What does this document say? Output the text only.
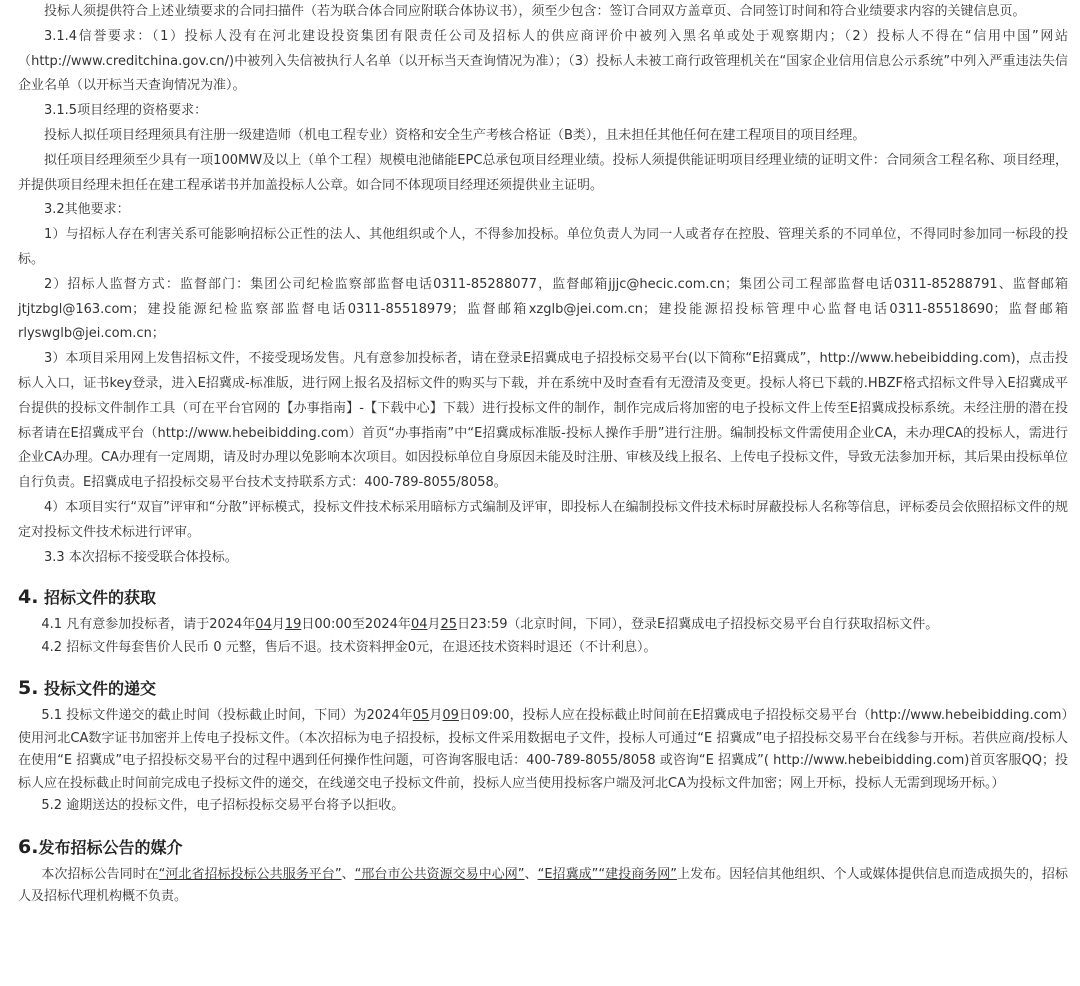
投标人须提供符合上述业绩要求的合同扫描件（若为联合体合同应附联合体协议书），须至少包含：签订合同双方盖章页、合同签订时间和符合业绩要求内容的关键信息页。

3.1.4信誉要求：（1）投标人没有在河北建设投资集团有限责任公司及招标人的供应商评价中被列入黑名单或处于观察期内；（2）投标人不得在“信用中国”网站（http://www.creditchina.gov.cn/)中被列入失信被执行人名单（以开标当天查询情况为准）；（3）投标人未被工商行政管理机关在“国家企业信用信息公示系统”中列入严重违法失信企业名单（以开标当天查询情况为准）。

3.1.5项目经理的资格要求：

投标人拟任项目经理须具有注册一级建造师（机电工程专业）资格和安全生产考核合格证（B类），且未担任其他任何在建工程项目的项目经理。

拟任项目经理须至少具有一项100MW及以上（单个工程）规模电池储能EPC总承包项目经理业绩。投标人须提供能证明项目经理业绩的证明文件：合同须含工程名称、项目经理，并提供项目经理未担任在建工程承诺书并加盖投标人公章。如合同不体现项目经理还须提供业主证明。

3.2其他要求：

1）与招标人存在利害关系可能影响招标公正性的法人、其他组织或个人，不得参加投标。单位负责人为同一人或者存在控股、管理关系的不同单位，不得同时参加同一标段的投标。

2）招标人监督方式：监督部门：集团公司纪检监察部监督电话0311-85288077，监督邮箱jjjc@hecic.com.cn；集团公司工程部监督电话0311-85288791、监督邮箱jtjtzbgl@163.com；建投能源纪检监察部监督电话0311-85518979；监督邮箱xzglb@jei.com.cn；建投能源招投标管理中心监督电话0311-85518690；监督邮箱rlyswglb@jei.com.cn；

3）本项目采用网上发售招标文件，不接受现场发售。凡有意参加投标者，请在登录E招冀成电子招投标交易平台(以下简称“E招冀成”，http://www.hebeibidding.com)，点击投标人入口，证书key登录，进入E招冀成-标准版，进行网上报名及招标文件的购买与下载，并在系统中及时查看有无澄清及变更。投标人将已下载的.HBZF格式招标文件导入E招冀成平台提供的投标文件制作工具（可在平台官网的【办事指南】-【下载中心】下载）进行投标文件的制作，制作完成后将加密的电子投标文件上传至E招冀成投标系统。未经注册的潜在投标者请在E招冀成平台（http://www.hebeibidding.com）首页“办事指南”中“E招冀成标准版-投标人操作手册”进行注册。编制投标文件需使用企业CA，未办理CA的投标人，需进行企业CA办理。CA办理有一定周期，请及时办理以免影响本次项目。如因投标单位自身原因未能及时注册、审核及线上报名、上传电子投标文件，导致无法参加开标，其后果由投标单位自行负责。E招冀成电子招投标交易平台技术支持联系方式：400-789-8055/8058。

4）本项目实行“双盲”评审和“分散”评标模式，投标文件技术标采用暗标方式编制及评审，即投标人在编制投标文件技术标时屏蔽投标人名称等信息，评标委员会依照招标文件的规定对投标文件技术标进行评审。

3.3 本次招标不接受联合体投标。

4. 招标文件的获取

4.1 凡有意参加投标者，请于2024年04月19日00:00至2024年04月25日23:59（北京时间，下同），登录E招冀成电子招投标交易平台自行获取招标文件。

4.2 招标文件每套售价人民币 0 元整，售后不退。技术资料押金0元，在退还技术资料时退还（不计利息）。

5. 投标文件的递交

5.1 投标文件递交的截止时间（投标截止时间，下同）为2024年05月09日09:00，投标人应在投标截止时间前在E招冀成电子招投标交易平台（http://www.hebeibidding.com）使用河北CA数字证书加密并上传电子投标文件。（本次招标为电子招投标，投标文件采用数据电子文件，投标人可通过“E 招冀成”电子招投标交易平台在线参与开标。若供应商/投标人在使用“E 招冀成”电子招投标交易平台的过程中遇到任何操作性问题，可咨询客服电话：400-789-8055/8058 或咨询“E 招冀成”( http://www.hebeibidding.com)首页客服QQ；投标人应在投标截止时间前完成电子投标文件的递交，在线递交电子投标文件前，投标人应当使用投标客户端及河北CA为投标文件加密；网上开标，投标人无需到现场开标。）

5.2 逾期送达的投标文件，电子招标投标交易平台将予以拒收。

6.发布招标公告的媒介

本次招标公告同时在“河北省招标投标公共服务平台”、“邢台市公共资源交易中心网”、“E招冀成”“建投商务网”上发布。因轻信其他组织、个人或媒体提供信息而造成损失的，招标人及招标代理机构概不负责。
